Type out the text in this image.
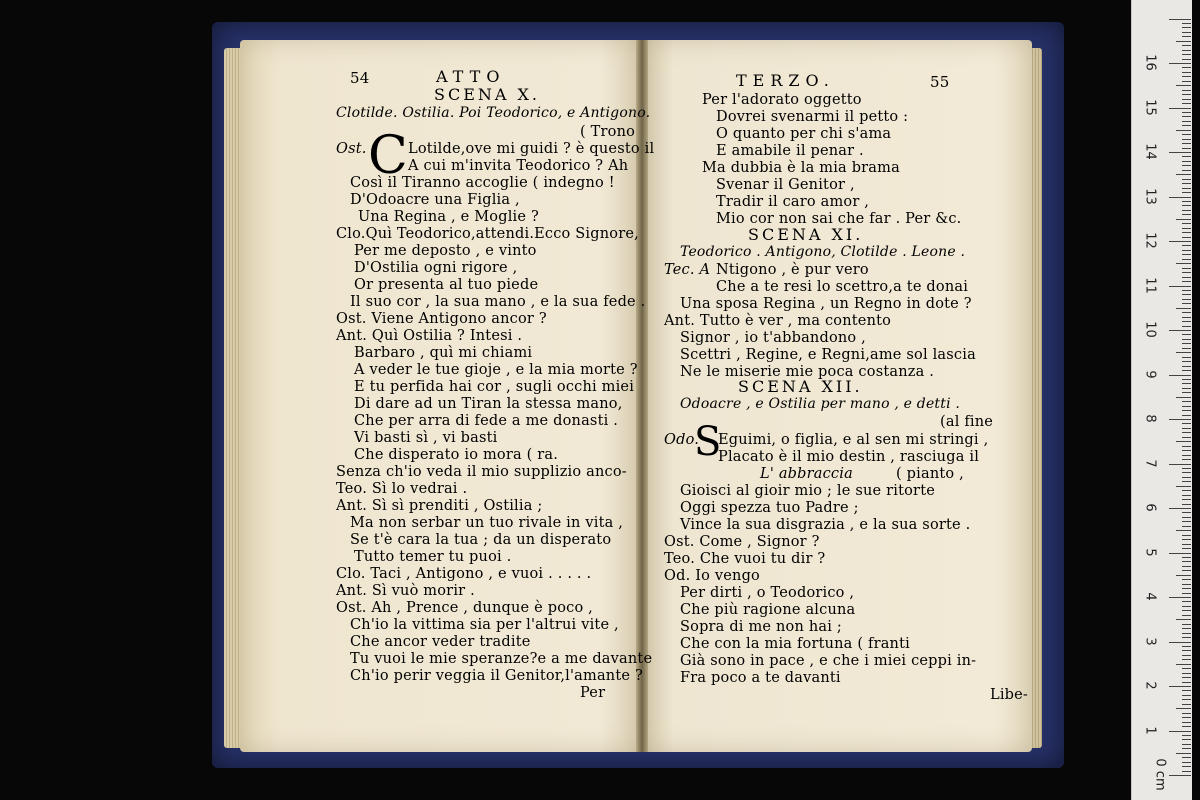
54	ATTO
SCENA X.
Clotilde. Ostilia. Poi Teodorico, e Antigono.
C	( Trono
Ost.	Lotilde,ove mi guidi ? è questo il
A cui m'invita Teodorico ? Ah
Così il Tiranno accoglie ( indegno !
D'Odoacre una Figlia ,
Una Regina , e Moglie ?
Clo.Quì Teodorico,attendi.Ecco Signore,
Per me deposto , e vinto
D'Ostilia ogni rigore ,
Or presenta al tuo piede
Il suo cor , la sua mano , e la sua fede .
Ost. Viene Antigono ancor ?
Ant. Quì Ostilia ? Intesi .
Barbaro , quì mi chiami
A veder le tue gioje , e la mia morte ?
E tu perfida hai cor , sugli occhi miei
Di dare ad un Tiran la stessa mano,
Che per arra di fede a me donasti .
Vi basti sì , vi basti
Che disperato io mora ( ra.
Senza ch'io veda il mio supplizio anco-
Teo. Sì lo vedrai .
Ant. Sì sì prenditi , Ostilia ;
Ma non serbar un tuo rivale in vita ,
Se t'è cara la tua ; da un disperato
Tutto temer tu puoi .
Clo. Taci , Antigono , e vuoi . . . . .
Ant. Sì vuò morir .
Ost. Ah , Prence , dunque è poco ,
Ch'io la vittima sia per l'altrui vite ,
Che ancor veder tradite
Tu vuoi le mie speranze?e a me davante
Ch'io perir veggia il Genitor,l'amante ?
Per
TERZO.	55
SCENA XI.
Teodorico . Antigono, Clotilde . Leone .
SCENA XII.
Odoacre , e Ostilia per mano , e detti .
S
Per l'adorato oggetto
Dovrei svenarmi il petto :
O quanto per chi s'ama
E amabile il penar .
Ma dubbia è la mia brama
Svenar il Genitor ,
Tradir il caro amor ,
Mio cor non sai che far . Per &c.
Tec. A Ntigono , è pur vero
Che a te resi lo scettro,a te donai
Una sposa Regina , un Regno in dote ?
Ant. Tutto è ver , ma contento
Signor , io t'abbandono ,
Scettri , Regine, e Regni,ame sol lascia
Ne le miserie mie poca costanza .
(al fine
Odo. Eguimi, o figlia, e al sen mi stringi ,
Placato è il mio destin , rasciuga il
L' abbraccia	( pianto ,
Gioisci al gioir mio ; le sue ritorte
Oggi spezza tuo Padre ;
Vince la sua disgrazia , e la sua sorte .
Ost. Come , Signor ?
Teo. Che vuoi tu dir ?
Od. Io vengo
Per dirti , o Teodorico ,
Che più ragione alcuna
Sopra di me non hai ;
Che con la mia fortuna ( franti
Già sono in pace , e che i miei ceppi in-
Fra poco a te davanti
Libe-
0 cm
1
2
3
4
5
6
7
8
9
10
11
12
13
14
15
16
